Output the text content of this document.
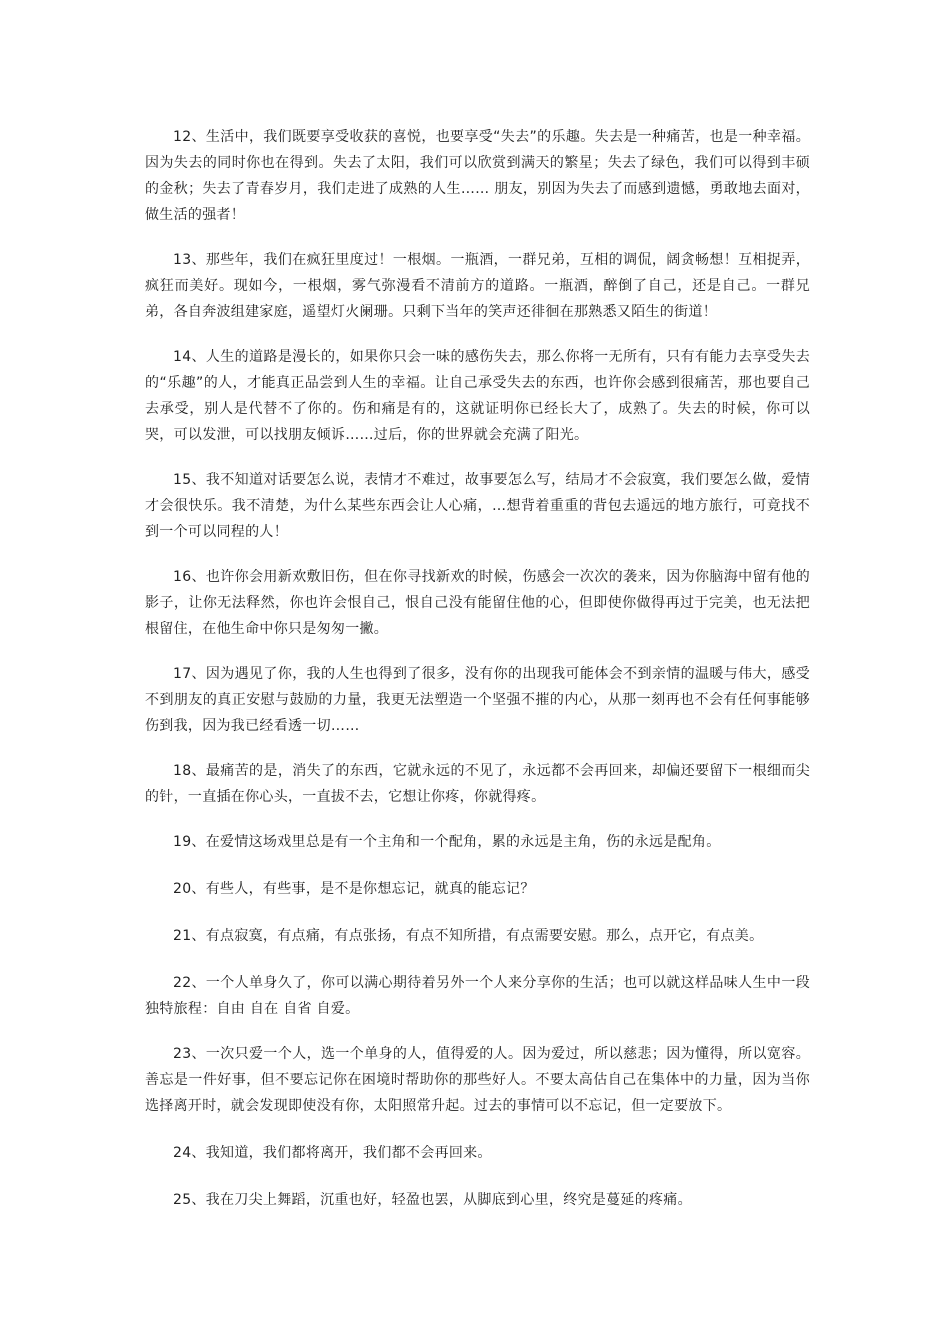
12、生活中，我们既要享受收获的喜悦，也要享受“失去”的乐趣。失去是一种痛苦，也是一种幸福。因为失去的同时你也在得到。失去了太阳，我们可以欣赏到满天的繁星；失去了绿色，我们可以得到丰硕的金秋；失去了青春岁月，我们走进了成熟的人生…… 朋友，别因为失去了而感到遗憾，勇敢地去面对，做生活的强者！

13、那些年，我们在疯狂里度过！一根烟。一瓶酒，一群兄弟，互相的调侃，阔贪畅想！互相捉弄，疯狂而美好。现如今，一根烟，雾气弥漫看不清前方的道路。一瓶酒，醉倒了自己，还是自己。一群兄弟，各自奔波组建家庭，遥望灯火阑珊。只剩下当年的笑声还徘徊在那熟悉又陌生的街道！

14、人生的道路是漫长的，如果你只会一味的感伤失去，那么你将一无所有，只有有能力去享受失去的“乐趣”的人，才能真正品尝到人生的幸福。让自己承受失去的东西，也许你会感到很痛苦，那也要自己去承受，别人是代替不了你的。伤和痛是有的，这就证明你已经长大了，成熟了。失去的时候，你可以哭，可以发泄，可以找朋友倾诉……过后，你的世界就会充满了阳光。

15、我不知道对话要怎么说，表情才不难过，故事要怎么写，结局才不会寂寞，我们要怎么做，爱情才会很快乐。我不清楚，为什么某些东西会让人心痛，…想背着重重的背包去遥远的地方旅行，可竟找不到一个可以同程的人！

16、也许你会用新欢敷旧伤，但在你寻找新欢的时候，伤感会一次次的袭来，因为你脑海中留有他的影子，让你无法释然，你也许会恨自己，恨自己没有能留住他的心，但即使你做得再过于完美，也无法把根留住，在他生命中你只是匆匆一撇。

17、因为遇见了你，我的人生也得到了很多，没有你的出现我可能体会不到亲情的温暖与伟大，感受不到朋友的真正安慰与鼓励的力量，我更无法塑造一个坚强不摧的内心，从那一刻再也不会有任何事能够伤到我，因为我已经看透一切……

18、最痛苦的是，消失了的东西，它就永远的不见了，永远都不会再回来，却偏还要留下一根细而尖的针，一直插在你心头，一直拔不去，它想让你疼，你就得疼。

19、在爱情这场戏里总是有一个主角和一个配角，累的永远是主角，伤的永远是配角。

20、有些人，有些事，是不是你想忘记，就真的能忘记？

21、有点寂寞，有点痛，有点张扬，有点不知所措，有点需要安慰。那么，点开它，有点美。

22、一个人单身久了，你可以满心期待着另外一个人来分享你的生活；也可以就这样品味人生中一段独特旅程：自由 自在 自省 自爱。

23、一次只爱一个人，选一个单身的人，值得爱的人。因为爱过，所以慈悲；因为懂得，所以宽容。善忘是一件好事，但不要忘记你在困境时帮助你的那些好人。不要太高估自己在集体中的力量，因为当你选择离开时，就会发现即使没有你，太阳照常升起。过去的事情可以不忘记，但一定要放下。

24、我知道，我们都将离开，我们都不会再回来。

25、我在刀尖上舞蹈，沉重也好，轻盈也罢，从脚底到心里，终究是蔓延的疼痛。
